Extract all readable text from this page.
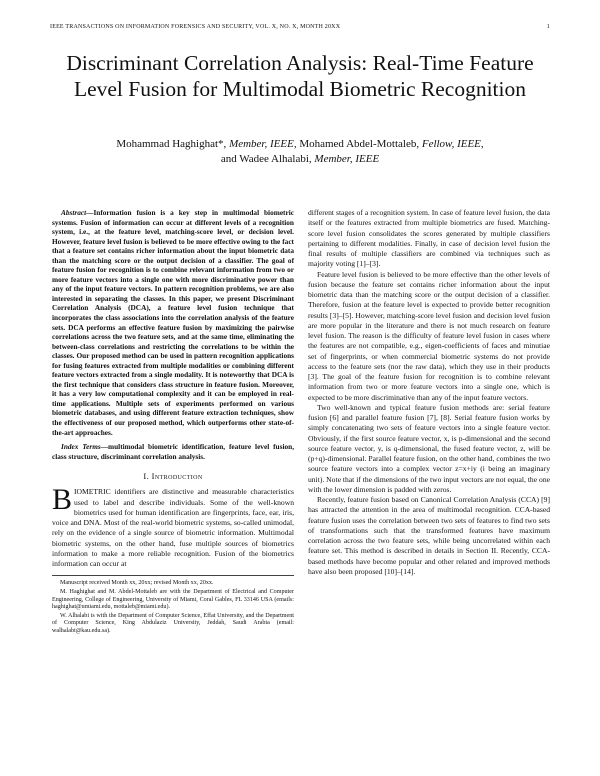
IEEE TRANSACTIONS ON INFORMATION FORENSICS AND SECURITY, VOL. X, NO. X, MONTH 20XX	1
Discriminant Correlation Analysis: Real-Time Feature Level Fusion for Multimodal Biometric Recognition
Mohammad Haghighat*, Member, IEEE, Mohamed Abdel-Mottaleb, Fellow, IEEE,
and Wadee Alhalabi, Member, IEEE

Abstract—Information fusion is a key step in multimodal biometric systems. Fusion of information can occur at different levels of a recognition system, i.e., at the feature level, matching-score level, or decision level. However, feature level fusion is believed to be more effective owing to the fact that a feature set contains richer information about the input biometric data than the matching score or the output decision of a classifier. The goal of feature fusion for recognition is to combine relevant information from two or more feature vectors into a single one with more discriminative power than any of the input feature vectors. In pattern recognition problems, we are also interested in separating the classes. In this paper, we present Discriminant Correlation Analysis (DCA), a feature level fusion technique that incorporates the class associations into the correlation analysis of the feature sets. DCA performs an effective feature fusion by maximizing the pairwise correlations across the two feature sets, and at the same time, eliminating the between-class correlations and restricting the correlations to be within the classes. Our proposed method can be used in pattern recognition applications for fusing features extracted from multiple modalities or combining different feature vectors extracted from a single modality. It is noteworthy that DCA is the first technique that considers class structure in feature fusion. Moreover, it has a very low computational complexity and it can be employed in real-time applications. Multiple sets of experiments performed on various biometric databases, and using different feature extraction techniques, show the effectiveness of our proposed method, which outperforms other state-of-the-art approaches.

Index Terms—multimodal biometric identification, feature level fusion, class structure, discriminant correlation analysis.

I. Introduction

BIOMETRIC identifiers are distinctive and measurable characteristics used to label and describe individuals. Some of the well-known biometrics used for human identification are fingerprints, face, ear, iris, voice and DNA. Most of the real-world biometric systems, so-called unimodal, rely on the evidence of a single source of biometric information. Multimodal biometric systems, on the other hand, fuse multiple sources of biometrics information to make a more reliable recognition. Fusion of the biometrics information can occur at

Manuscript received Month xx, 20xx; revised Month xx, 20xx.

M. Haghighat and M. Abdel-Mottaleb are with the Department of Electrical and Computer Engineering, College of Engineering, University of Miami, Coral Gables, FL 33146 USA (emails: haghighat@umiami.edu, mottaleb@miami.edu).

W. Alhalabi is with the Department of Computer Science, Effat University, and the Department of Computer Science, King Abdulaziz University, Jeddah, Saudi Arabia (email: walhalabi@kau.edu.sa).

different stages of a recognition system. In case of feature level fusion, the data itself or the features extracted from multiple biometrics are fused. Matching-score level fusion consolidates the scores generated by multiple classifiers pertaining to different modalities. Finally, in case of decision level fusion the final results of multiple classifiers are combined via techniques such as majority voting [1]–[3].

Feature level fusion is believed to be more effective than the other levels of fusion because the feature set contains richer information about the input biometric data than the matching score or the output decision of a classifier. Therefore, fusion at the feature level is expected to provide better recognition results [3]–[5]. However, matching-score level fusion and decision level fusion are more popular in the literature and there is not much research on feature level fusion. The reason is the difficulty of feature level fusion in cases where the features are not compatible, e.g., eigen-coefficients of faces and minutiae set of fingerprints, or when commercial biometric systems do not provide access to the feature sets (nor the raw data), which they use in their products [3]. The goal of the feature fusion for recognition is to combine relevant information from two or more feature vectors into a single one, which is expected to be more discriminative than any of the input feature vectors.

Two well-known and typical feature fusion methods are: serial feature fusion [6] and parallel feature fusion [7], [8]. Serial feature fusion works by simply concatenating two sets of feature vectors into a single feature vector. Obviously, if the first source feature vector, x, is p-dimensional and the second source feature vector, y, is q-dimensional, the fused feature vector, z, will be (p+q)-dimensional. Parallel feature fusion, on the other hand, combines the two source feature vectors into a complex vector z=x+iy (i being an imaginary unit). Note that if the dimensions of the two input vectors are not equal, the one with the lower dimension is padded with zeros.

Recently, feature fusion based on Canonical Correlation Analysis (CCA) [9] has attracted the attention in the area of multimodal recognition. CCA-based feature fusion uses the correlation between two sets of features to find two sets of transformations such that the transformed features have maximum correlation across the two feature sets, while being uncorrelated within each feature set. This method is described in details in Section II. Recently, CCA-based methods have become popular and other related and improved methods have also been proposed [10]–[14].
